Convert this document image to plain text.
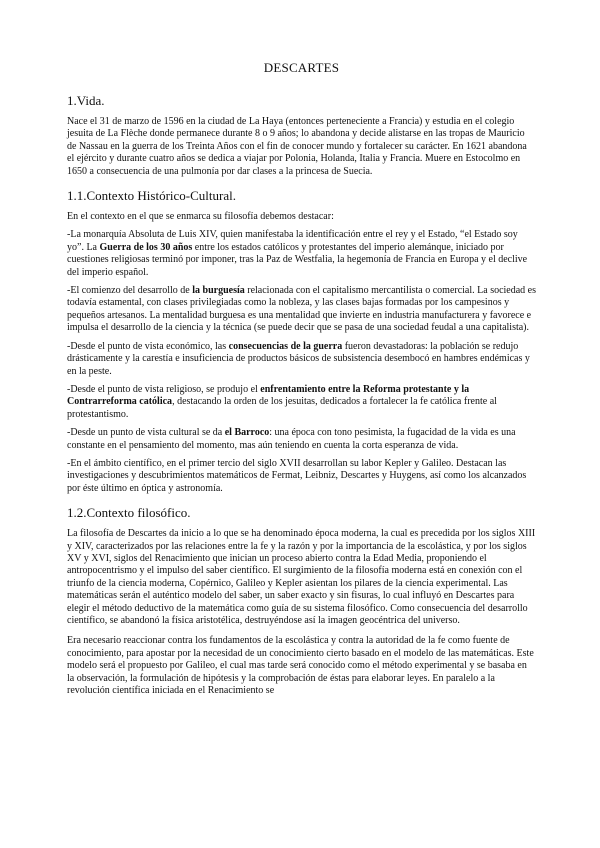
DESCARTES
1.Vida.

Nace el 31 de marzo de 1596 en la ciudad de La Haya (entonces perteneciente a Francia) y estudia en el colegio jesuita de La Flèche donde permanece durante 8 o 9 años; lo abandona y decide alistarse en las tropas de Mauricio de Nassau en la guerra de los Treinta Años con el fin de conocer mundo y fortalecer su carácter. En 1621 abandona el ejército y durante cuatro años se dedica a viajar por Polonia, Holanda, Italia y Francia. Muere en Estocolmo en 1650 a consecuencia de una pulmonía por dar clases a la princesa de Suecia.

1.1.Contexto Histórico-Cultural.

En el contexto en el que se enmarca su filosofía debemos destacar:

-La monarquía Absoluta de Luis XIV, quien manifestaba la identificación entre el rey y el Estado, “el Estado soy yo”. La Guerra de los 30 años entre los estados católicos y protestantes del imperio alemánque, iniciado por cuestiones religiosas terminó por imponer, tras la Paz de Westfalia, la hegemonía de Francia en Europa y el declive del imperio español.

-El comienzo del desarrollo de la burguesía relacionada con el capitalismo mercantilista o comercial. La sociedad es todavía estamental, con clases privilegiadas como la nobleza, y las clases bajas formadas por los campesinos y pequeños artesanos. La mentalidad burguesa es una mentalidad que invierte en industria manufacturera y favorece e impulsa el desarrollo de la ciencia y la técnica (se puede decir que se pasa de una sociedad feudal a una capitalista).

-Desde el punto de vista económico, las consecuencias de la guerra fueron devastadoras: la población se redujo drásticamente y la carestía e insuficiencia de productos básicos de subsistencia desembocó en hambres endémicas y en la peste.

-Desde el punto de vista religioso, se produjo el enfrentamiento entre la Reforma protestante y la Contrarreforma católica, destacando la orden de los jesuitas, dedicados a fortalecer la fe católica frente al protestantismo.

-Desde un punto de vista cultural se da el Barroco: una época con tono pesimista, la fugacidad de la vida es una constante en el pensamiento del momento, mas aún teniendo en cuenta la corta esperanza de vida.

-En el ámbito científico, en el primer tercio del siglo XVII desarrollan su labor Kepler y Galileo. Destacan las investigaciones y descubrimientos matemáticos de Fermat, Leibniz, Descartes y Huygens, así como los alcanzados por éste último en óptica y astronomía.

1.2.Contexto filosófico.

La filosofía de Descartes da inicio a lo que se ha denominado época moderna, la cual es precedida por los siglos XIII y XIV, caracterizados por las relaciones entre la fe y la razón y por la importancia de la escolástica, y por los siglos XV y XVI, siglos del Renacimiento que inician un proceso abierto contra la Edad Media, proponiendo el antropocentrismo y el impulso del saber científico. El surgimiento de la filosofía moderna está en conexión con el triunfo de la ciencia moderna, Copérnico, Galileo y Kepler asientan los pilares de la ciencia experimental. Las matemáticas serán el auténtico modelo del saber, un saber exacto y sin fisuras, lo cual influyó en Descartes para elegir el método deductivo de la matemática como guía de su sistema filosófico. Como consecuencia del desarrollo científico, se abandonó la física aristotélica, destruyéndose así la imagen geocéntrica del universo.

Era necesario reaccionar contra los fundamentos de la escolástica y contra la autoridad de la fe como fuente de conocimiento, para apostar por la necesidad de un conocimiento cierto basado en el modelo de las matemáticas. Este modelo será el propuesto por Galileo, el cual mas tarde será conocido como el método experimental y se basaba en la observación, la formulación de hipótesis y la comprobación de éstas para elaborar leyes. En paralelo a la revolución científica iniciada en el Renacimiento se
